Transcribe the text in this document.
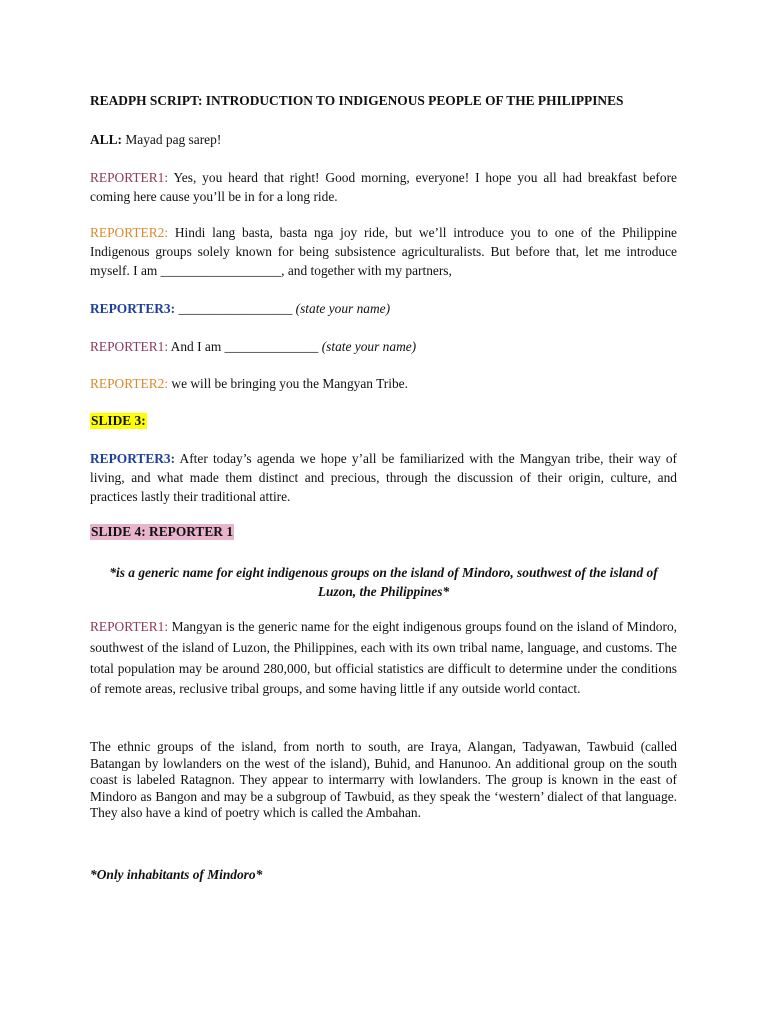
READPH SCRIPT: INTRODUCTION TO INDIGENOUS PEOPLE OF THE PHILIPPINES
ALL: Mayad pag sarep!
REPORTER1: Yes, you heard that right! Good morning, everyone! I hope you all had breakfast before coming here cause you’ll be in for a long ride.
REPORTER2: Hindi lang basta, basta nga joy ride, but we’ll introduce you to one of the Philippine Indigenous groups solely known for being subsistence agriculturalists. But before that, let me introduce myself. I am __________________, and together with my partners,
REPORTER3: _________________ (state your name)
REPORTER1: And I am ______________ (state your name)
REPORTER2: we will be bringing you the Mangyan Tribe.
SLIDE 3:
REPORTER3: After today’s agenda we hope y’all be familiarized with the Mangyan tribe, their way of living, and what made them distinct and precious, through the discussion of their origin, culture, and practices lastly their traditional attire.
SLIDE 4: REPORTER 1
*is a generic name for eight indigenous groups on the island of Mindoro, southwest of the island of Luzon, the Philippines*
REPORTER1: Mangyan is the generic name for the eight indigenous groups found on the island of Mindoro, southwest of the island of Luzon, the Philippines, each with its own tribal name, language, and customs. The total population may be around 280,000, but official statistics are difficult to determine under the conditions of remote areas, reclusive tribal groups, and some having little if any outside world contact.
The ethnic groups of the island, from north to south, are Iraya, Alangan, Tadyawan, Tawbuid (called Batangan by lowlanders on the west of the island), Buhid, and Hanunoo. An additional group on the south coast is labeled Ratagnon. They appear to intermarry with lowlanders. The group is known in the east of Mindoro as Bangon and may be a subgroup of Tawbuid, as they speak the ‘western’ dialect of that language. They also have a kind of poetry which is called the Ambahan.
*Only inhabitants of Mindoro*
